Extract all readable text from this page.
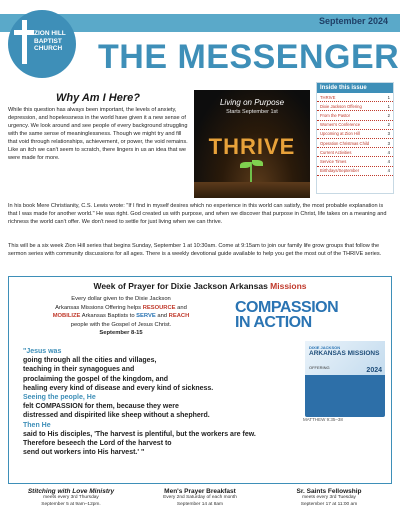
September 2024
ZION HILL
BAPTIST
CHURCH	THE MESSENGER
Inside this issue
THRIVE	1
Dixie Jackson Offering	1
From the Pastor	2
Women's Conference	2
Upcoming at Zion Hill	3
Operation Christmas Child	3
Current Activities	4
Service Times	4
Birthdays/September	4
Why Am I Here?
While this question has always been important, the levels of anxiety, depression, and hopelessness in the world have given it a new sense of urgency. We look around and see people of every background struggling with the same sense of meaninglessness. Though we might try and fill that void through relationships, achievement, or power, the void remains. Like an itch we can't seem to scratch, there lingers in us an idea that we were made for more.
Living on Purpose
Starts September 1st
THRIVE
In his book Mere Christianity, C.S. Lewis wrote: "If I find in myself desires which no experience in this world can satisfy, the most probable explanation is that I was made for another world." He was right. God created us with purpose, and when we discover that purpose in Christ, life takes on a meaning and richness the world can't offer. We don't need to settle for just living when we can thrive.
This will be a six week Zion Hill series that begins Sunday, September 1 at 10:30am. Come at 9:15am to join our family life grow groups that follow the sermon series with community discussions for all ages. There is a weekly devotional guide available to help you get the most out of the THRIVE series.
Week of Prayer for Dixie Jackson Arkansas Missions
Every dollar given to the Dixie Jackson
Arkansas Missions Offering helps RESOURCE and
MOBILIZE Arkansas Baptists to SERVE and REACH
people with the Gospel of Jesus Christ.
September 8-15
COMPASSION
IN ACTION
DIXIE JACKSON
ARKANSAS MISSIONS
OFFERING	2024
"Jesus was
going through all the cities and villages,
teaching in their synagogues and
proclaiming the gospel of the kingdom, and
healing every kind of disease and every kind of sickness.
Seeing the people, He
felt COMPASSION for them, because they were
distressed and dispirited like sheep without a shepherd.
Then He
said to His disciples, 'The harvest is plentiful, but the workers are few.
Therefore beseech the Lord of the harvest to
send out workers into His harvest.' "
MATTHEW 9:35–38
Stitching with Love Ministry
meets every 3rd Thursday
September 5 at 9am–12pm.
Men's Prayer Breakfast
Every 2nd Saturday of each month
September 14 at 8am
Sr. Saints Fellowship
meets every 3rd Tuesday
September 17 at 11:00 am
